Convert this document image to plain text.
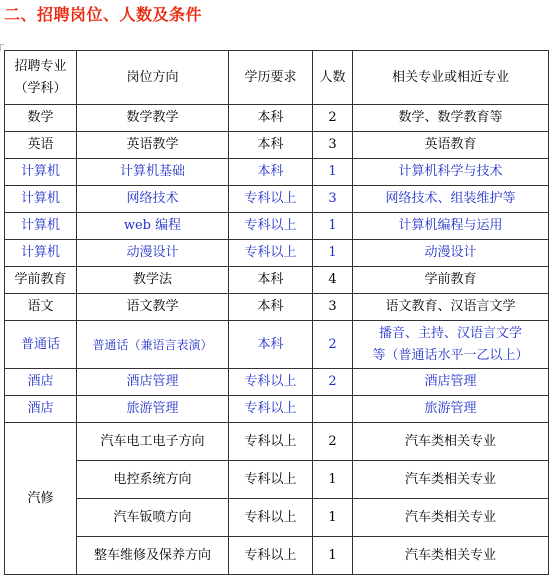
二、招聘岗位、人数及条件
招聘专业
（学科）	岗位方向	学历要求	人数	相关专业或相近专业
数学	数学教学	本科	2	数学、数学教育等
英语	英语教学	本科	3	英语教育
计算机	计算机基础	本科	1	计算机科学与技术
计算机	网络技术	专科以上	3	网络技术、组装维护等
计算机	web 编程	专科以上	1	计算机编程与运用
计算机	动漫设计	专科以上	1	动漫设计
学前教育	教学法	本科	4	学前教育
语文	语文教学	本科	3	语文教育、汉语言文学
普通话	普通话（兼语言表演）	本科	2	播音、主持、汉语言文学
等（普通话水平一乙以上）

酒店	酒店管理	专科以上	2	酒店管理
酒店	旅游管理	专科以上		旅游管理
汽修	汽车电工电子方向	专科以上	2	汽车类相关专业
	电控系统方向	专科以上	1	汽车类相关专业
	汽车钣喷方向	专科以上	1	汽车类相关专业
	整车维修及保养方向	专科以上	1	汽车类相关专业
